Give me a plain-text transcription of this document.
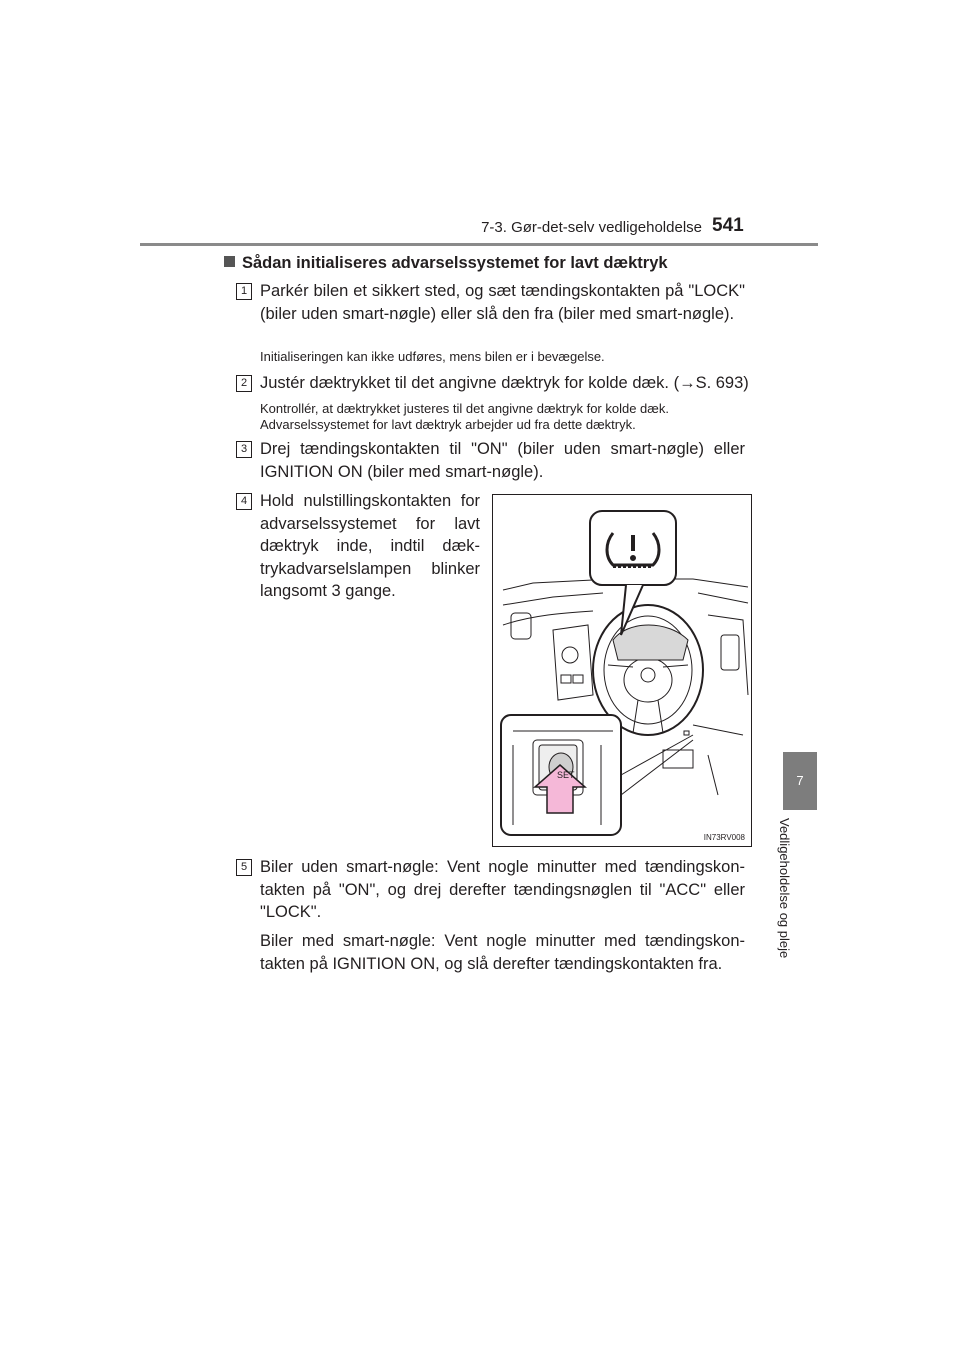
7-3. Gør-det-selv vedligeholdelse 541
7
Vedligeholdelse og pleje
Sådan initialiseres advarselssystemet for lavt dæktryk
1 Parkér bilen et sikkert sted, og sæt tændingskontakten på "LOCK" (biler uden smart-nøgle) eller slå den fra (biler med smart-nøgle).
Initialiseringen kan ikke udføres, mens bilen er i bevægelse.
2 Justér dæktrykket til det angivne dæktryk for kolde dæk. (→S. 693)
Kontrollér, at dæktrykket justeres til det angivne dæktryk for kolde dæk. Advarselssystemet for lavt dæktryk arbejder ud fra dette dæktryk.
3 Drej tændingskontakten til "ON" (biler uden smart-nøgle) eller IGNITION ON (biler med smart-nøgle).
4 Hold nulstillingskontakten for advarselssystemet for lavt dæktryk inde, indtil dæk-trykadvarselslampen blinker langsomt 3 gange.
SET
IN73RV008
5 Biler uden smart-nøgle: Vent nogle minutter med tændingskon-takten på "ON", og drej derefter tændingsnøglen til "ACC" eller "LOCK".
Biler med smart-nøgle: Vent nogle minutter med tændingskon-takten på IGNITION ON, og slå derefter tændingskontakten fra.
